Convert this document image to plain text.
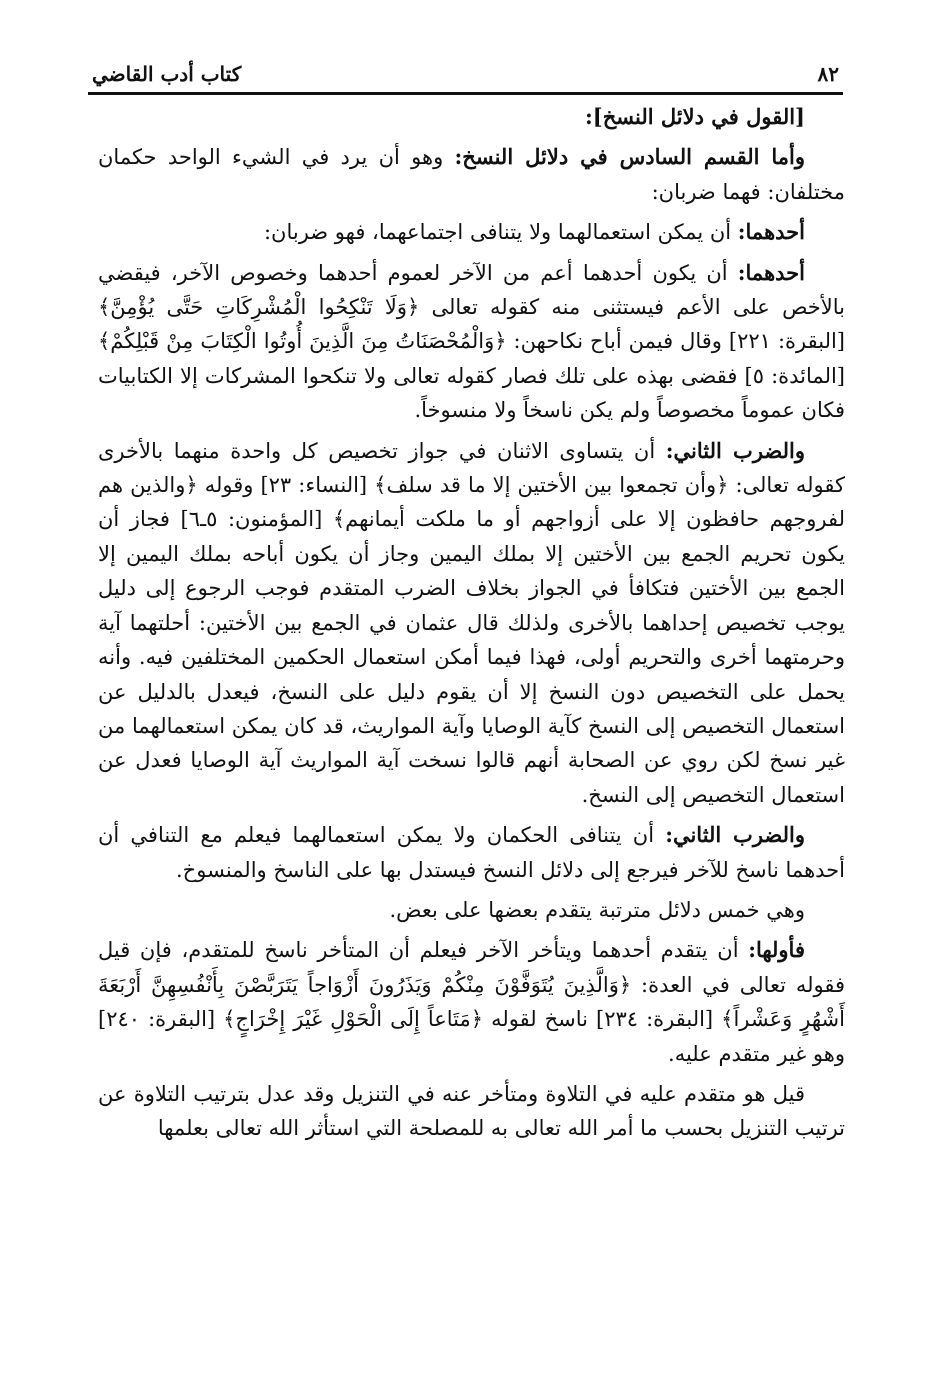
٨٢
كتاب أدب القاضي

[القول في دلائل النسخ]:

وأما القسم السادس في دلائل النسخ: وهو أن يرد في الشيء الواحد حكمان مختلفان: فهما ضربان:

أحدهما: أن يمكن استعمالهما ولا يتنافى اجتماعهما، فهو ضربان:

أحدهما: أن يكون أحدهما أعم من الآخر لعموم أحدهما وخصوص الآخر، فيقضي بالأخص على الأعم فيستثنى منه كقوله تعالى ﴿وَلَا تَنْكِحُوا الْمُشْرِكَاتِ حَتَّى يُؤْمِنَّ﴾ [البقرة: ٢٢١] وقال فيمن أباح نكاحهن: ﴿وَالْمُحْصَنَاتُ مِنَ الَّذِينَ أُوتُوا الْكِتَابَ مِنْ قَبْلِكُمْ﴾ [المائدة: ٥] فقضى بهذه على تلك فصار كقوله تعالى ولا تنكحوا المشركات إلا الكتابيات فكان عموماً مخصوصاً ولم يكن ناسخاً ولا منسوخاً.

والضرب الثاني: أن يتساوى الاثنان في جواز تخصيص كل واحدة منهما بالأخرى كقوله تعالى: ﴿وأن تجمعوا بين الأختين إلا ما قد سلف﴾ [النساء: ٢٣] وقوله ﴿والذين هم لفروجهم حافظون إلا على أزواجهم أو ما ملكت أيمانهم﴾ [المؤمنون: ٥ـ٦] فجاز أن يكون تحريم الجمع بين الأختين إلا بملك اليمين وجاز أن يكون أباحه بملك اليمين إلا الجمع بين الأختين فتكافأ في الجواز بخلاف الضرب المتقدم فوجب الرجوع إلى دليل يوجب تخصيص إحداهما بالأخرى ولذلك قال عثمان في الجمع بين الأختين: أحلتهما آية وحرمتهما أخرى والتحريم أولى، فهذا فيما أمكن استعمال الحكمين المختلفين فيه. وأنه يحمل على التخصيص دون النسخ إلا أن يقوم دليل على النسخ، فيعدل بالدليل عن استعمال التخصيص إلى النسخ كآية الوصايا وآية المواريث، قد كان يمكن استعمالهما من غير نسخ لكن روي عن الصحابة أنهم قالوا نسخت آية المواريث آية الوصايا فعدل عن استعمال التخصيص إلى النسخ.

والضرب الثاني: أن يتنافى الحكمان ولا يمكن استعمالهما فيعلم مع التنافي أن أحدهما ناسخ للآخر فيرجع إلى دلائل النسخ فيستدل بها على الناسخ والمنسوخ.

وهي خمس دلائل مترتبة يتقدم بعضها على بعض.

فأولها: أن يتقدم أحدهما ويتأخر الآخر فيعلم أن المتأخر ناسخ للمتقدم، فإن قيل فقوله تعالى في العدة: ﴿وَالَّذِينَ يُتَوَفَّوْنَ مِنْكُمْ وَيَذَرُونَ أَزْوَاجاً يَتَرَبَّصْنَ بِأَنْفُسِهِنَّ أَرْبَعَةَ أَشْهُرٍ وَعَشْراً﴾ [البقرة: ٢٣٤] ناسخ لقوله ﴿مَتَاعاً إِلَى الْحَوْلِ غَيْرَ إِخْرَاجٍ﴾ [البقرة: ٢٤٠] وهو غير متقدم عليه.

قيل هو متقدم عليه في التلاوة ومتأخر عنه في التنزيل وقد عدل بترتيب التلاوة عن ترتيب التنزيل بحسب ما أمر الله تعالى به للمصلحة التي استأثر الله تعالى بعلمها
